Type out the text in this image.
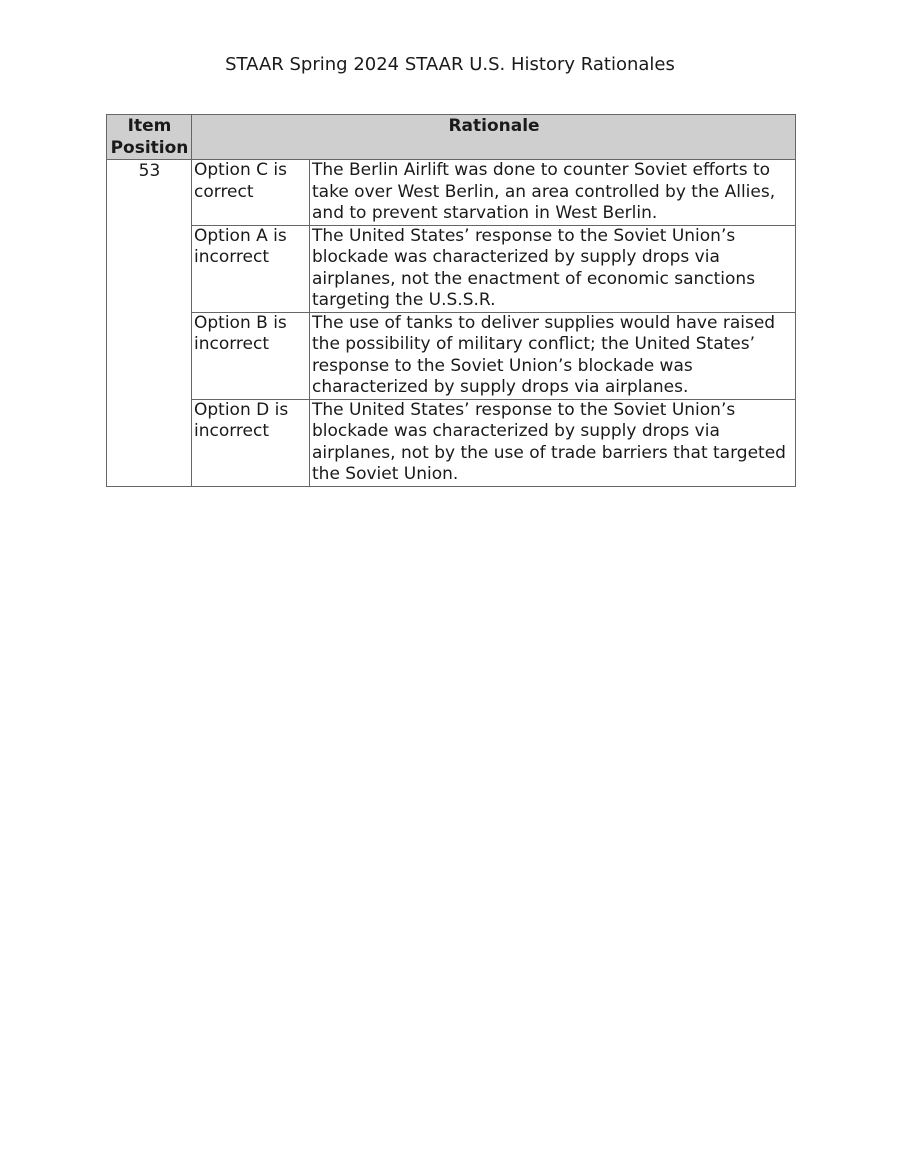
STAAR Spring 2024 STAAR U.S. History Rationales
Item
Position	Rationale	

53	Option C is correct	The Berlin Airlift was done to counter Soviet efforts to take over West Berlin, an area controlled by the Allies, and to prevent starvation in West Berlin.
	Option A is incorrect	The United States’ response to the Soviet Union’s blockade was characterized by supply drops via airplanes, not the enactment of economic sanctions targeting the U.S.S.R.
	Option B is incorrect	The use of tanks to deliver supplies would have raised the possibility of military conflict; the United States’ response to the Soviet Union’s blockade was characterized by supply drops via airplanes.
	Option D is incorrect	The United States’ response to the Soviet Union’s blockade was characterized by supply drops via airplanes, not by the use of trade barriers that targeted the Soviet Union.
